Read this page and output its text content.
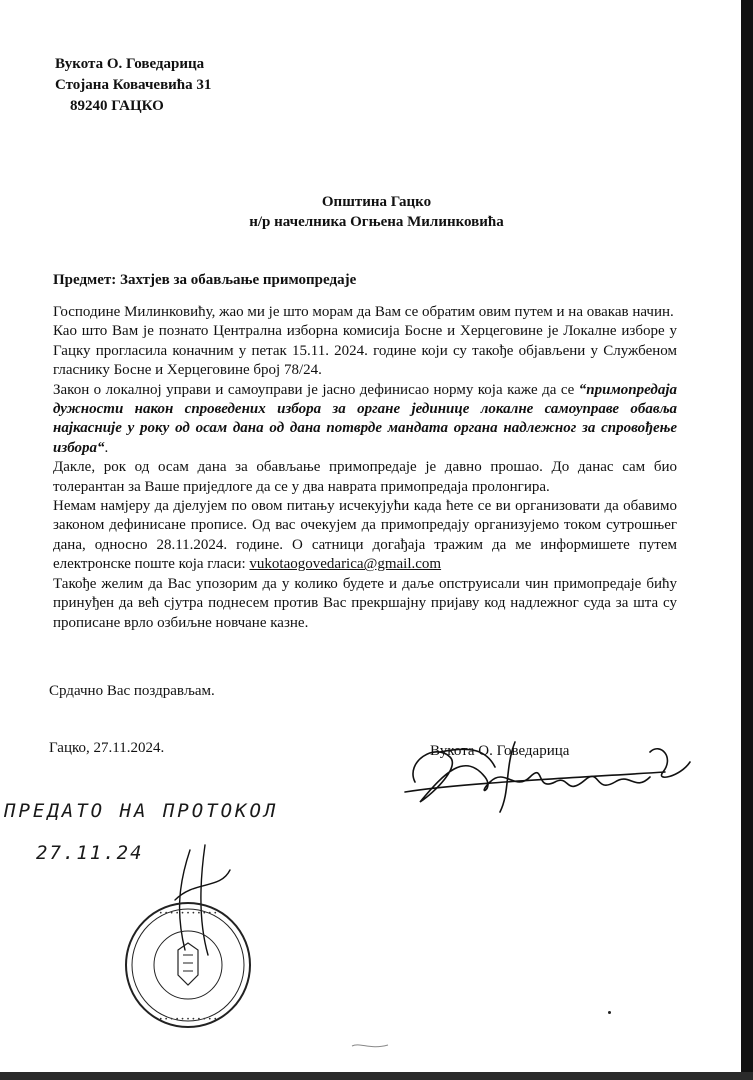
Вукота О. Говедарица
Стојана Ковачевића 31
89240 ГАЦКО
Општина Гацко
н/р начелника Огњена Милинковића
Предмет: Захтјев за обављање примопредаје

Господине Милинковићу, жао ми је што морам да Вам се обратим овим путем и на овакав начин.

Као што Вам је познато Централна изборна комисија Босне и Херцеговине је Локалне изборе у Гацку прогласила коначним у петак 15.11. 2024. године који су такође објављени у Службеном гласнику Босне и Херцеговине број 78/24.

Закон о локалној управи и самоуправи је јасно дефинисао норму која каже да се “примопредаја дужности након спроведених избора за органе јединице локалне самоуправе обавља најкасније у року од осам дана од дана потврде мандата органа надлежног за спровођење избора“.

Дакле, рок од осам дана за обављање примопредаје је давно прошао. До данас сам био толерантан за Ваше приједлоге да се у два наврата примопредаја пролонгира.

Немам намјеру да дјелујем по овом питању исчекујући када ћете се ви организовати да обавимо законом дефинисане прописе. Од вас очекујем да примопредају организујемо током сутрошњег дана, односно 28.11.2024. године. О сатници догађаја тражим да ме информишете путем електронске поште која гласи: vukotaogovedarica@gmail.com

Такође желим да Вас упозорим да у колико будете и даље опструисали чин примопредаје бићу принуђен да већ сјутра поднесем против Вас прекршајну пријаву код надлежног суда за шта су прописане врло озбиљне новчане казне.

Срдачно Вас поздрављам.
Гацко, 27.11.2024.	Вукота О. Говедарица
ПРЕДАТО НА ПРОТОКОЛ
27.11.24
• • • • • • • • • • •
• • • • • • • • • • •
